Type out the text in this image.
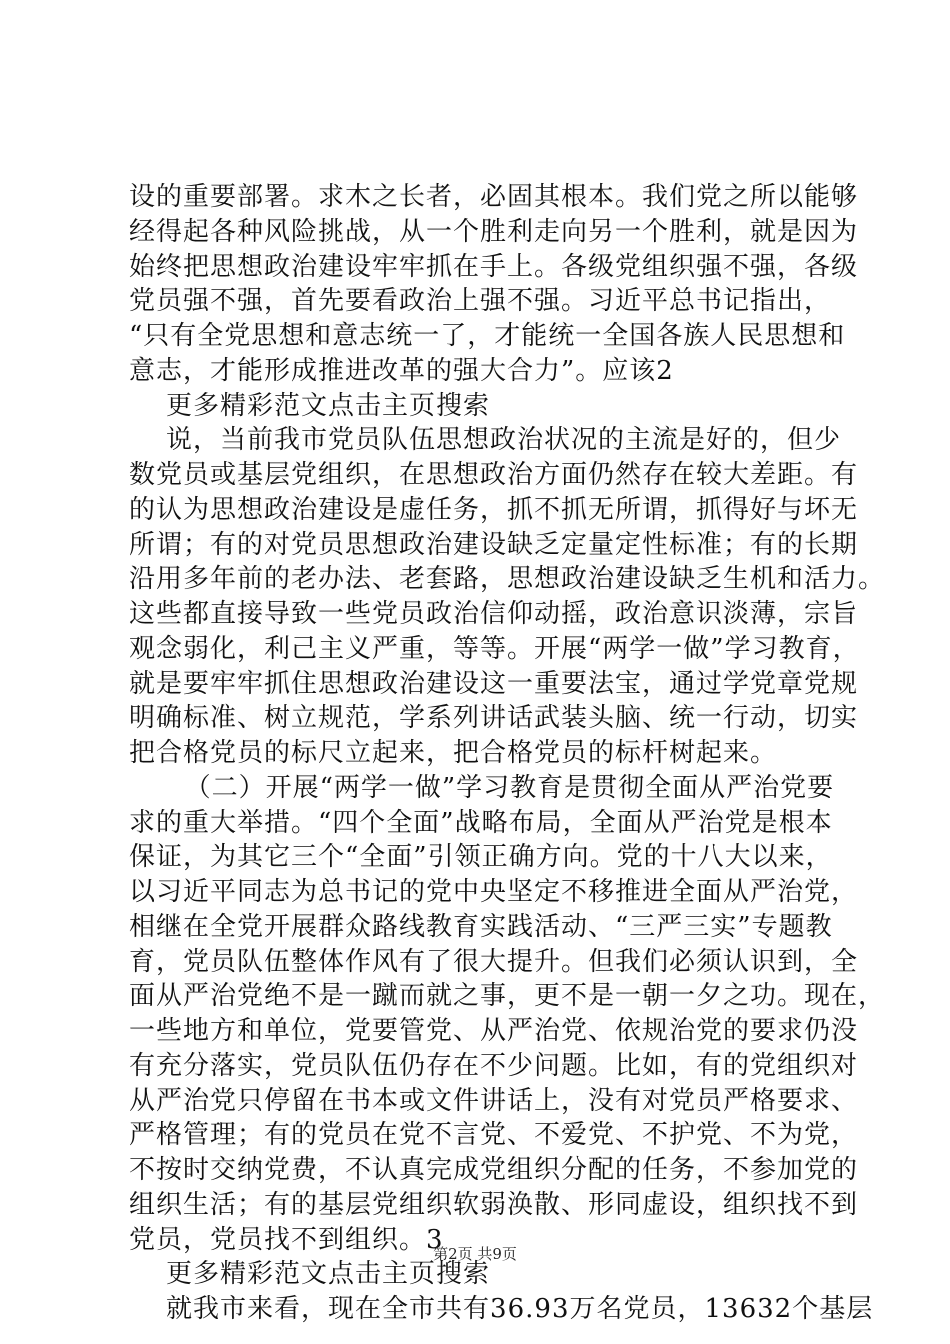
设的重要部署。求木之长者，必固其根本。我们党之所以能够
经得起各种风险挑战，从一个胜利走向另一个胜利，就是因为
始终把思想政治建设牢牢抓在手上。各级党组织强不强，各级
党员强不强，首先要看政治上强不强。习近平总书记指出，
“只有全党思想和意志统一了，才能统一全国各族人民思想和
意志，才能形成推进改革的强大合力”。应该2
更多精彩范文点击主页搜索
说，当前我市党员队伍思想政治状况的主流是好的，但少
数党员或基层党组织，在思想政治方面仍然存在较大差距。有
的认为思想政治建设是虚任务，抓不抓无所谓，抓得好与坏无
所谓；有的对党员思想政治建设缺乏定量定性标准；有的长期
沿用多年前的老办法、老套路，思想政治建设缺乏生机和活力。
这些都直接导致一些党员政治信仰动摇，政治意识淡薄，宗旨
观念弱化，利己主义严重，等等。开展“两学一做”学习教育，
就是要牢牢抓住思想政治建设这一重要法宝，通过学党章党规
明确标准、树立规范，学系列讲话武装头脑、统一行动，切实
把合格党员的标尺立起来，把合格党员的标杆树起来。
（二）开展“两学一做”学习教育是贯彻全面从严治党要
求的重大举措。“四个全面”战略布局，全面从严治党是根本
保证，为其它三个“全面”引领正确方向。党的十八大以来，
以习近平同志为总书记的党中央坚定不移推进全面从严治党，
相继在全党开展群众路线教育实践活动、“三严三实”专题教
育，党员队伍整体作风有了很大提升。但我们必须认识到，全
面从严治党绝不是一蹴而就之事，更不是一朝一夕之功。现在，
一些地方和单位，党要管党、从严治党、依规治党的要求仍没
有充分落实，党员队伍仍存在不少问题。比如，有的党组织对
从严治党只停留在书本或文件讲话上，没有对党员严格要求、
严格管理；有的党员在党不言党、不爱党、不护党、不为党，
不按时交纳党费，不认真完成党组织分配的任务，不参加党的
组织生活；有的基层党组织软弱涣散、形同虚设，组织找不到
党员，党员找不到组织。3
更多精彩范文点击主页搜索
就我市来看，现在全市共有36.93万名党员，13632个基层
第2页 共9页
